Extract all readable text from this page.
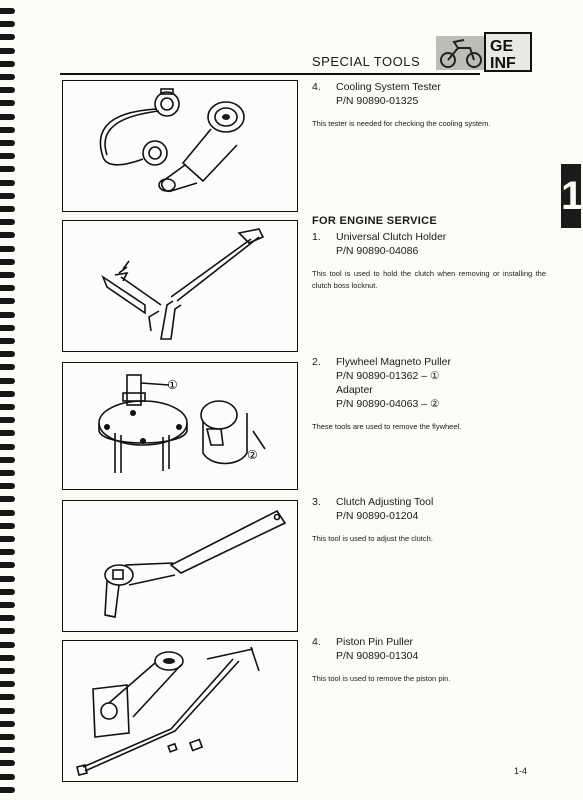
GE
INF
SPECIAL TOOLS
1
①
②
4. Cooling System Tester
P/N 90890-01325
This tester is needed for checking the cooling system.
FOR ENGINE SERVICE
1. Universal Clutch Holder
P/N 90890-04086
This tool is used to hold the clutch when removing or installing the clutch boss locknut.
2. Flywheel Magneto Puller
P/N 90890-01362 – ①
Adapter
P/N 90890-04063 – ②
These tools are used to remove the flywheel.
3. Clutch Adjusting Tool
P/N 90890-01204
This tool is used to adjust the clutch.
4. Piston Pin Puller
P/N 90890-01304
This tool is used to remove the piston pin.
1-4
